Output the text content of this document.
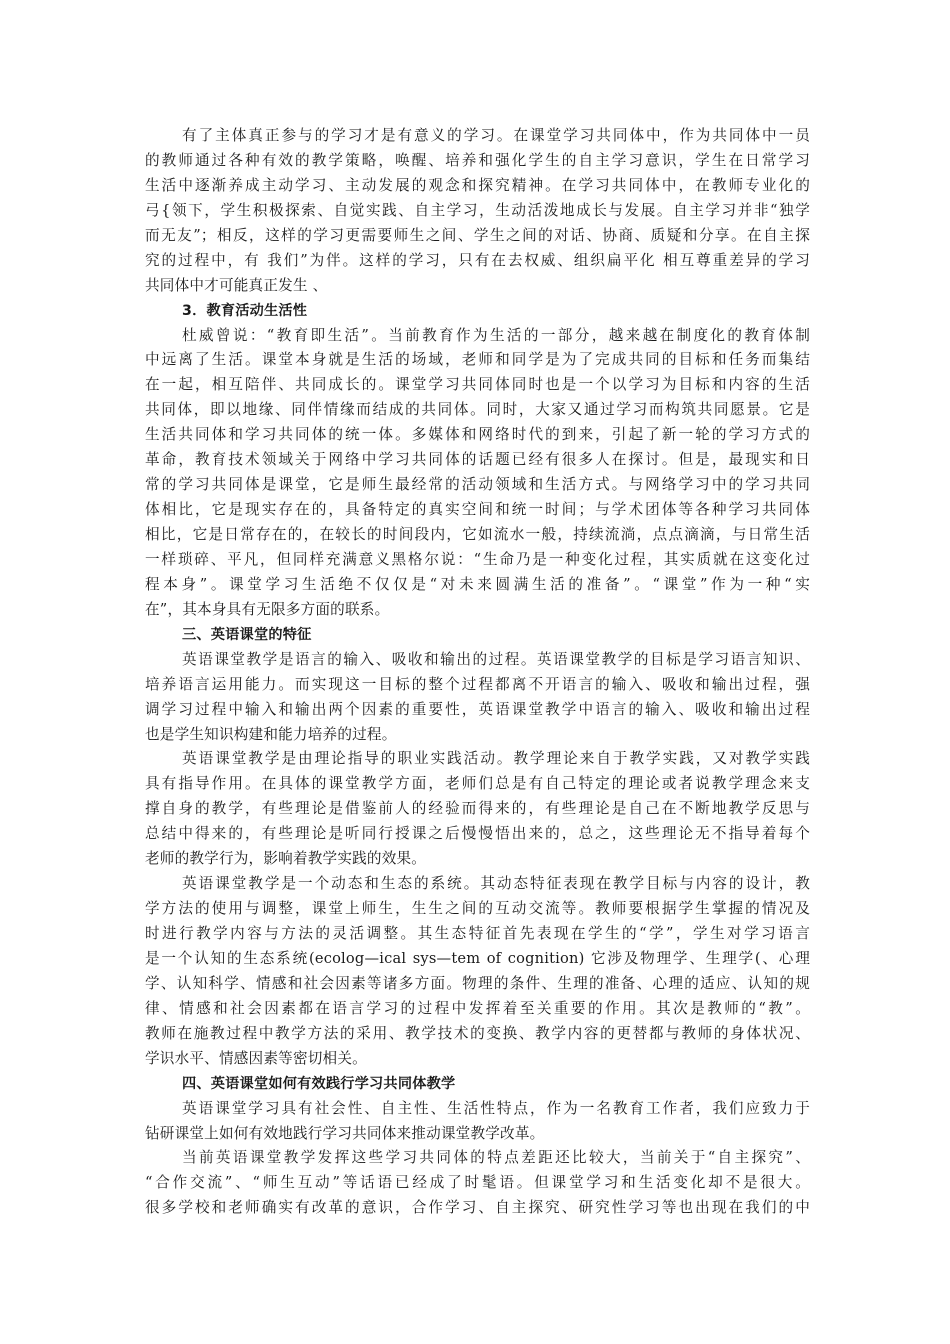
有了主体真正参与的学习才是有意义的学习。在课堂学习共同体中，作为共同体中一员
的教师通过各种有效的教学策略，唤醒、培养和强化学生的自主学习意识，学生在日常学习
生活中逐渐养成主动学习、主动发展的观念和探究精神。在学习共同体中，在教师专业化的
弓{领下，学生积极探索、自觉实践、自主学习，生动活泼地成长与发展。自主学习并非“独学
而无友”；相反，这样的学习更需要师生之间、学生之间的对话、协商、质疑和分享。在自主探
究的过程中，有 我们”为伴。这样的学习，只有在去权威、组织扁平化 相互尊重差异的学习
共同体中才可能真正发生 、
3．教育活动生活性
杜威曾说：“教育即生活”。当前教育作为生活的一部分，越来越在制度化的教育体制
中远离了生活。课堂本身就是生活的场域，老师和同学是为了完成共同的目标和任务而集结
在一起，相互陪伴、共同成长的。课堂学习共同体同时也是一个以学习为目标和内容的生活
共同体，即以地缘、同伴情缘而结成的共同体。同时，大家又通过学习而构筑共同愿景。它是
生活共同体和学习共同体的统一体。多媒体和网络时代的到来，引起了新一轮的学习方式的
革命，教育技术领域关于网络中学习共同体的话题已经有很多人在探讨。但是，最现实和日
常的学习共同体是课堂，它是师生最经常的活动领域和生活方式。与网络学习中的学习共同
体相比，它是现实存在的，具备特定的真实空间和统一时间；与学术团体等各种学习共同体
相比，它是日常存在的，在较长的时间段内，它如流水一般，持续流淌，点点滴滴，与日常生活
一样琐碎、平凡，但同样充满意义黑格尔说：“生命乃是一种变化过程，其实质就在这变化过
程本身”。课堂学习生活绝不仅仅是“对未来圆满生活的准备”。“课堂”作为一种“实
在”，其本身具有无限多方面的联系。
三、英语课堂的特征
英语课堂教学是语言的输入、吸收和输出的过程。英语课堂教学的目标是学习语言知识、
培养语言运用能力。而实现这一目标的整个过程都离不开语言的输入、吸收和输出过程，强
调学习过程中输入和输出两个因素的重要性，英语课堂教学中语言的输入、吸收和输出过程
也是学生知识构建和能力培养的过程。
英语课堂教学是由理论指导的职业实践活动。教学理论来自于教学实践，又对教学实践
具有指导作用。在具体的课堂教学方面，老师们总是有自己特定的理论或者说教学理念来支
撑自身的教学，有些理论是借鉴前人的经验而得来的，有些理论是自己在不断地教学反思与
总结中得来的，有些理论是听同行授课之后慢慢悟出来的，总之，这些理论无不指导着每个
老师的教学行为，影响着教学实践的效果。
英语课堂教学是一个动态和生态的系统。其动态特征表现在教学目标与内容的设计，教
学方法的使用与调整，课堂上师生，生生之间的互动交流等。教师要根据学生掌握的情况及
时进行教学内容与方法的灵活调整。其生态特征首先表现在学生的“学”，学生对学习语言
是一个认知的生态系统(ecolog—ical sys—tem of cognition) 它涉及物理学、生理学(、心理
学、认知科学、情感和社会因素等诸多方面。物理的条件、生理的准备、心理的适应、认知的规
律、情感和社会因素都在语言学习的过程中发挥着至关重要的作用。其次是教师的“教”。
教师在施教过程中教学方法的采用、教学技术的变换、教学内容的更替都与教师的身体状况、
学识水平、情感因素等密切相关。
四、英语课堂如何有效践行学习共同体教学
英语课堂学习具有社会性、自主性、生活性特点，作为一名教育工作者，我们应致力于
钻研课堂上如何有效地践行学习共同体来推动课堂教学改革。
当前英语课堂教学发挥这些学习共同体的特点差距还比较大，当前关于“自主探究”、
“合作交流”、“师生互动”等话语已经成了时髦语。但课堂学习和生活变化却不是很大。
很多学校和老师确实有改革的意识，合作学习、自主探究、研究性学习等也出现在我们的中
